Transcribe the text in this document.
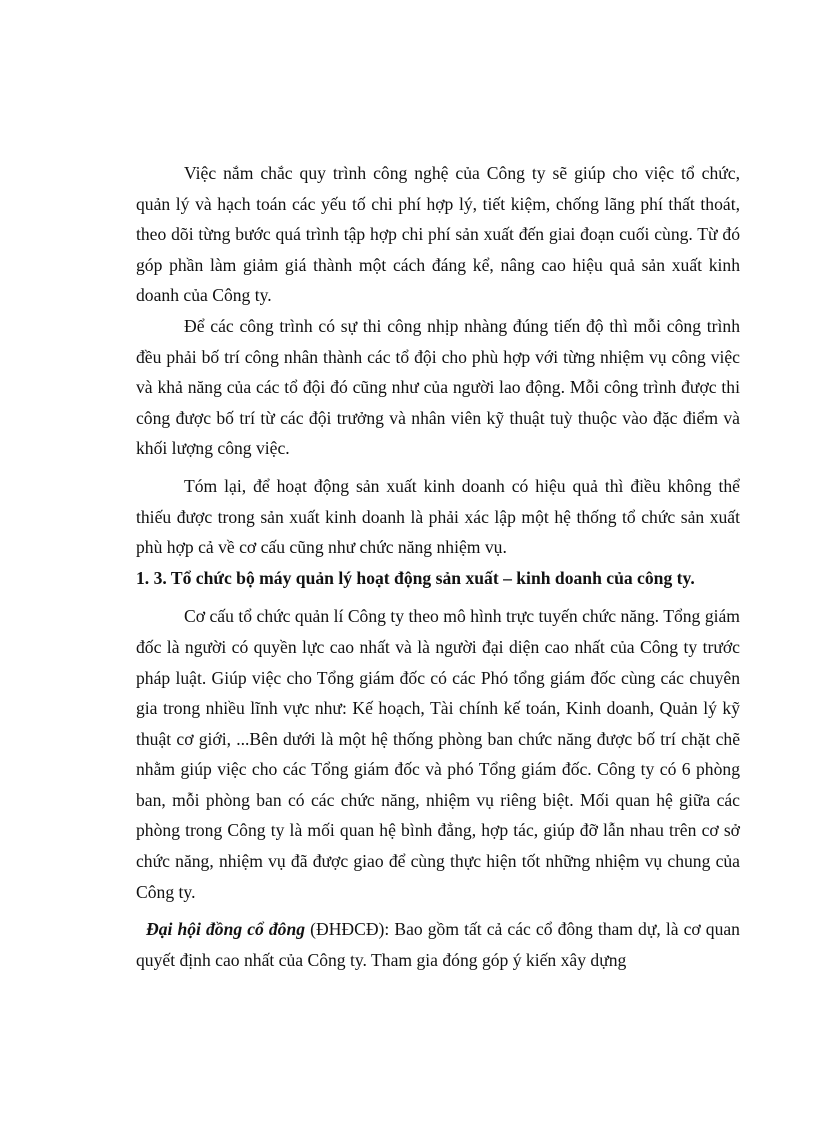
Việc nắm chắc quy trình công nghệ của Công ty sẽ giúp cho việc tổ chức, quản lý và hạch toán các yếu tố chi phí hợp lý, tiết kiệm, chống lãng phí thất thoát, theo dõi từng bước quá trình tập hợp chi phí sản xuất đến giai đoạn cuối cùng. Từ đó góp phần làm giảm giá thành một cách đáng kể, nâng cao hiệu quả sản xuất kinh doanh của Công ty.

Để các công trình có sự thi công nhịp nhàng đúng tiến độ thì mỗi công trình đều phải bố trí công nhân thành các tổ đội cho phù hợp với từng nhiệm vụ công việc và khả năng của các tổ đội đó cũng như của người lao động. Mỗi công trình được thi công được bố trí từ các đội trưởng và nhân viên kỹ thuật tuỳ thuộc vào đặc điểm và khối lượng công việc.

Tóm lại, để hoạt động sản xuất kinh doanh có hiệu quả thì điều không thể thiếu được trong sản xuất kinh doanh là phải xác lập một hệ thống tổ chức sản xuất phù hợp cả về cơ cấu cũng như chức năng nhiệm vụ.

1. 3. Tổ chức bộ máy quản lý hoạt động sản xuất – kinh doanh của công ty.

Cơ cấu tổ chức quản lí Công ty theo mô hình trực tuyến chức năng. Tổng giám đốc là người có quyền lực cao nhất và là người đại diện cao nhất của Công ty trước pháp luật. Giúp việc cho Tổng giám đốc có các Phó tổng giám đốc cùng các chuyên gia trong nhiều lĩnh vực như: Kế hoạch, Tài chính kế toán, Kinh doanh, Quản lý kỹ thuật cơ giới, ...Bên dưới là một hệ thống phòng ban chức năng được bố trí chặt chẽ nhằm giúp việc cho các Tổng giám đốc và phó Tổng giám đốc. Công ty có 6 phòng ban, mỗi phòng ban có các chức năng, nhiệm vụ riêng biệt. Mối quan hệ giữa các phòng trong Công ty là mối quan hệ bình đẳng, hợp tác, giúp đỡ lẫn nhau trên cơ sở chức năng, nhiệm vụ đã được giao để cùng thực hiện tốt những nhiệm vụ chung của Công ty.

Đại hội đồng cổ đông (ĐHĐCĐ): Bao gồm tất cả các cổ đông tham dự, là cơ quan quyết định cao nhất của Công ty. Tham gia đóng góp ý kiến xây dựng
